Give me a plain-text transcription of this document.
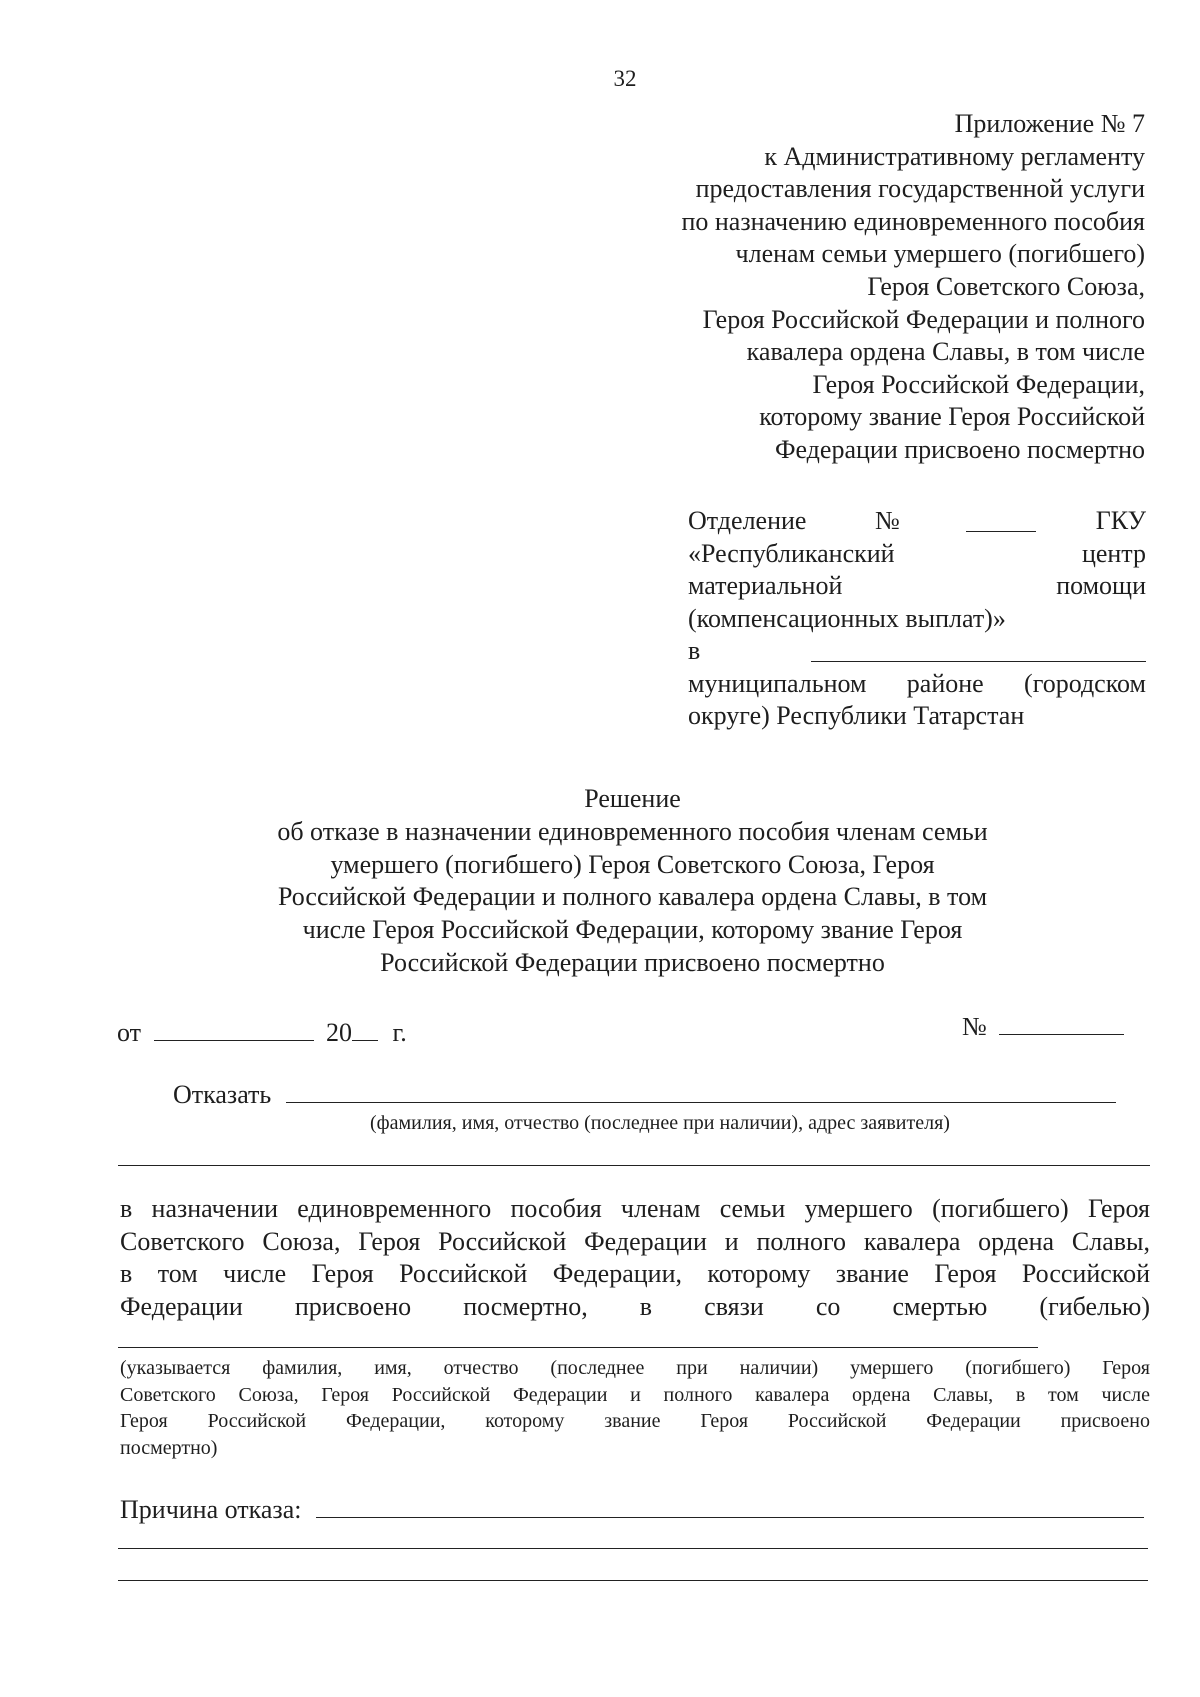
32
Приложение № 7
к Административному регламенту
предоставления государственной услуги
по назначению единовременного пособия
членам семьи умершего (погибшего)
Героя Советского Союза,
Героя Российской Федерации и полного
кавалера ордена Славы, в том числе
Героя Российской Федерации,
которому звание Героя Российской
Федерации присвоено посмертно
Отделение	№	ГКУ
«Республиканский	центр
материальной	помощи
(компенсационных выплат)»
в
муниципальном районе (городском
округе) Республики Татарстан
Решение
об отказе в назначении единовременного пособия членам семьи
умершего (погибшего) Героя Советского Союза, Героя
Российской Федерации и полного кавалера ордена Славы, в том
числе Героя Российской Федерации, которому звание Героя
Российской Федерации присвоено посмертно
от	20 г.	№
Отказать
(фамилия, имя, отчество (последнее при наличии), адрес заявителя)
в назначении единовременного пособия членам семьи умершего (погибшего) Героя
Советского Союза, Героя Российской Федерации и полного кавалера ордена Славы,
в том числе Героя Российской Федерации, которому звание Героя Российской
Федерации присвоено посмертно, в связи со смертью (гибелью)
(указывается фамилия, имя, отчество (последнее при наличии) умершего (погибшего) Героя
Советского Союза, Героя Российской Федерации и полного кавалера ордена Славы, в том числе
Героя Российской Федерации, которому звание Героя Российской Федерации присвоено
посмертно)
Причина отказа:
